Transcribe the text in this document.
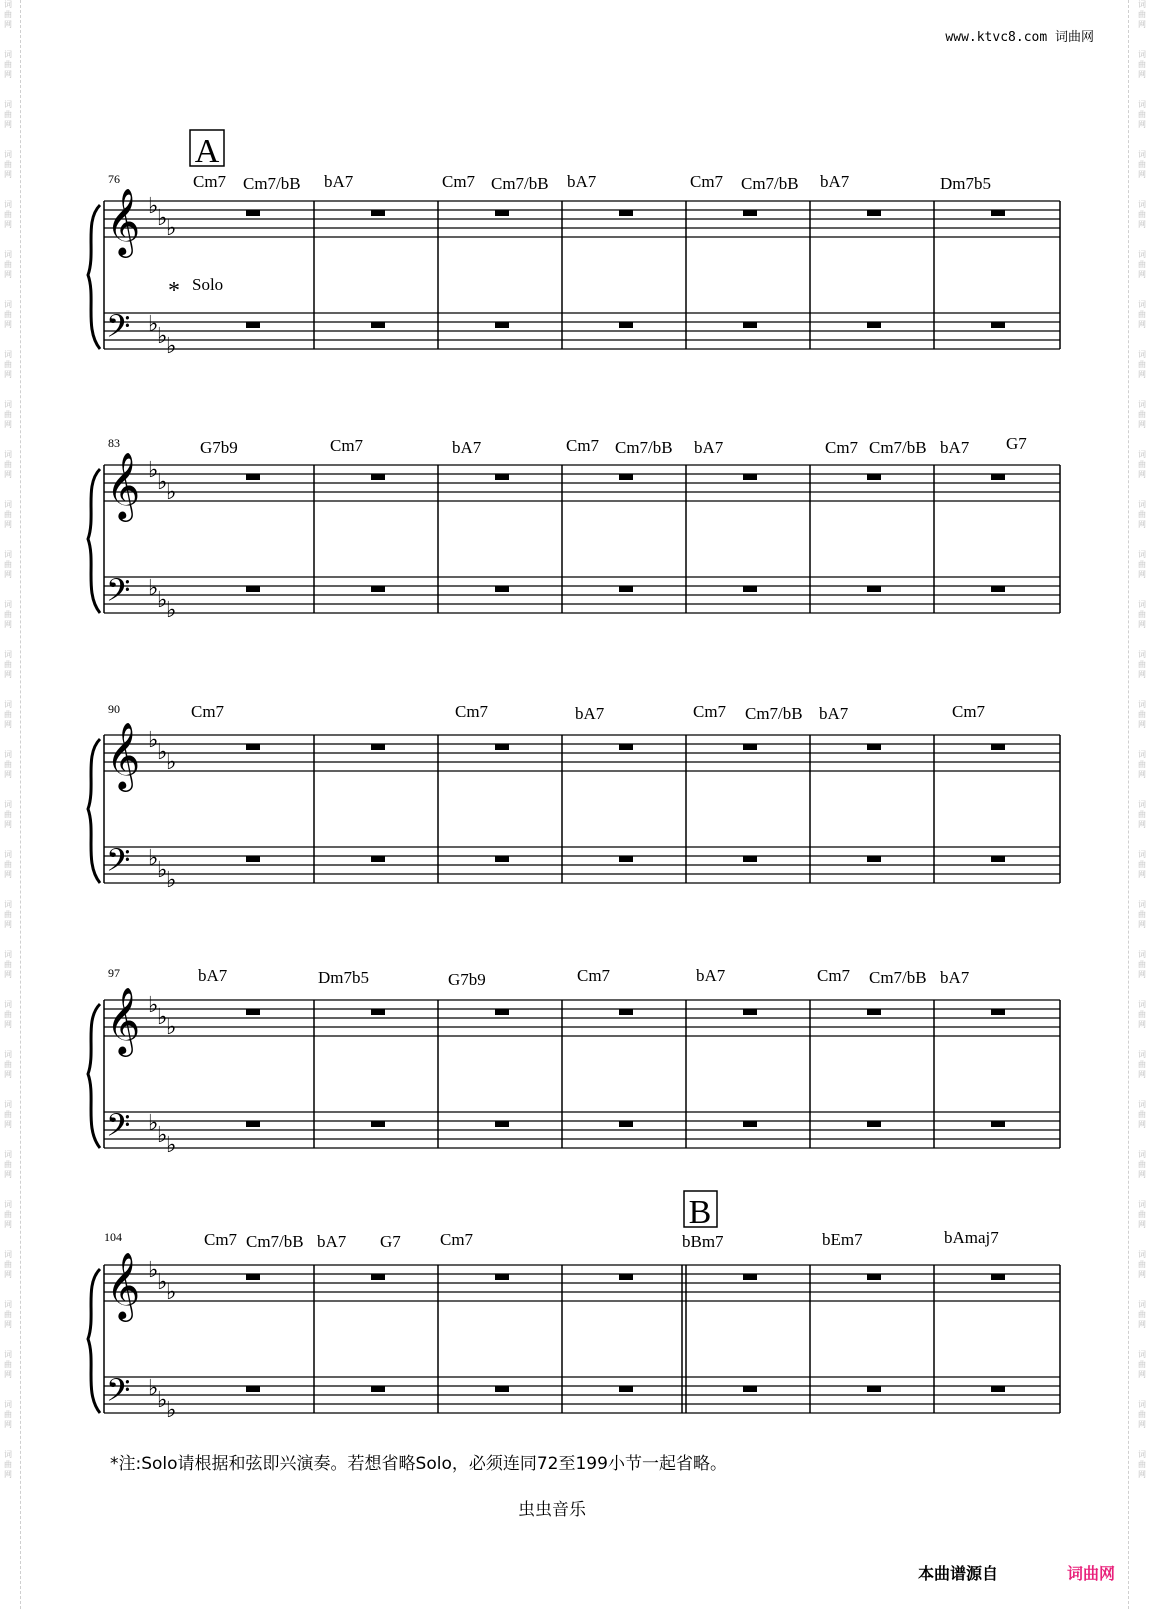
词
曲
网

词
曲
网

词
曲
网

词
曲
网

词
曲
网

词
曲
网

词
曲
网

词
曲
网

词
曲
网

词
曲
网

词
曲
网

词
曲
网

词
曲
网

词
曲
网

词
曲
网

词
曲
网

词
曲
网

词
曲
网

词
曲
网

词
曲
网

词
曲
网

词
曲
网

词
曲
网

词
曲
网

词
曲
网

词
曲
网

词
曲
网

词
曲
网

词
曲
网

词
曲
网

词
曲
网

词
曲
网

词
曲
网

词
曲
网

词
曲
网

词
曲
网

词
曲
网

词
曲
网

词
曲
网

词
曲
网

词
曲
网

词
曲
网

词
曲
网

词
曲
网

词
曲
网

词
曲
网

词
曲
网

词
曲
网

词
曲
网

词
曲
网

词
曲
网

词
曲
网

词
曲
网

词
曲
网

词
曲
网

词
曲
网

词
曲
网

词
曲
网

词
曲
网

词
曲
网

www.ktvc8.com 词曲网
76
A
Cm7 Cm7/bB bA7	Cm7 Cm7/bB bA7	Cm7 Cm7/bB bA7	Dm7b5
* Solo
𝄞
𝄢
♭
♭
♭
♭
♭
♭
83	G7b9	Cm7	bA7	Cm7 Cm7/bB bA7	Cm7 Cm7/bB bA7 G7
𝄞
𝄢
♭
♭
♭
♭
♭
♭
90	Cm7	Cm7	bA7	Cm7 Cm7/bB bA7	Cm7
𝄞
𝄢
♭
♭
♭
♭
♭
♭
97	bA7	Dm7b5	G7b9	Cm7	bA7	Cm7 Cm7/bB bA7
𝄞
𝄢
♭
♭
♭
♭
♭
♭
104
B
Cm7 Cm7/bB bA7 G7 Cm7	bBm7	bEm7	bAmaj7
𝄞
𝄢
♭
♭
♭
♭
♭
♭
*注:Solo请根据和弦即兴演奏。若想省略Solo，必须连同72至199小节一起省略。
虫虫音乐
本曲谱源自	词曲网
